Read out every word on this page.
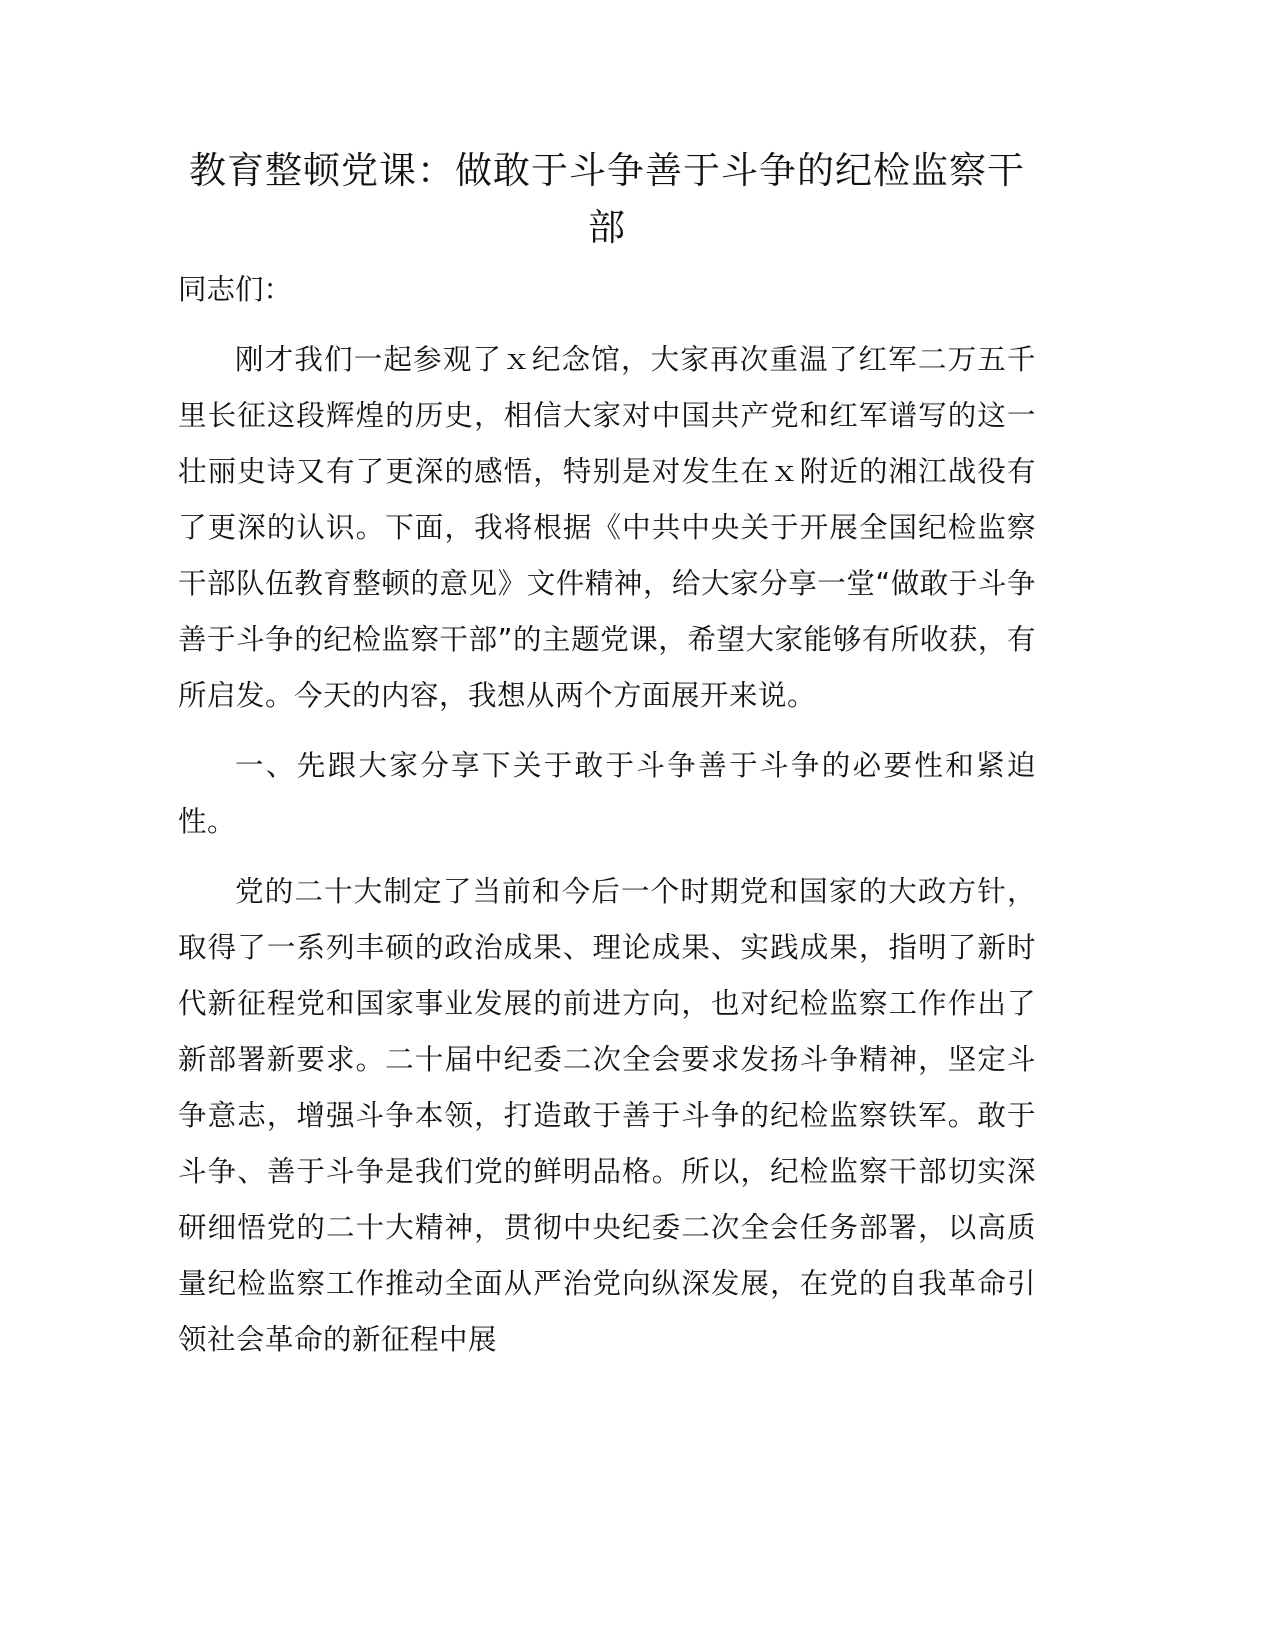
教育整顿党课：做敢于斗争善于斗争的纪检监察干部

同志们：

刚才我们一起参观了ｘ纪念馆，大家再次重温了红军二万五千里长征这段辉煌的历史，相信大家对中国共产党和红军谱写的这一壮丽史诗又有了更深的感悟，特别是对发生在ｘ附近的湘江战役有了更深的认识。下面，我将根据《中共中央关于开展全国纪检监察干部队伍教育整顿的意见》文件精神，给大家分享一堂“做敢于斗争善于斗争的纪检监察干部”的主题党课，希望大家能够有所收获，有所启发。今天的内容，我想从两个方面展开来说。

一、先跟大家分享下关于敢于斗争善于斗争的必要性和紧迫性。

党的二十大制定了当前和今后一个时期党和国家的大政方针，取得了一系列丰硕的政治成果、理论成果、实践成果，指明了新时代新征程党和国家事业发展的前进方向，也对纪检监察工作作出了新部署新要求。二十届中纪委二次全会要求发扬斗争精神，坚定斗争意志，增强斗争本领，打造敢于善于斗争的纪检监察铁军。敢于斗争、善于斗争是我们党的鲜明品格。所以，纪检监察干部切实深研细悟党的二十大精神，贯彻中央纪委二次全会任务部署，以高质量纪检监察工作推动全面从严治党向纵深发展，在党的自我革命引领社会革命的新征程中展
